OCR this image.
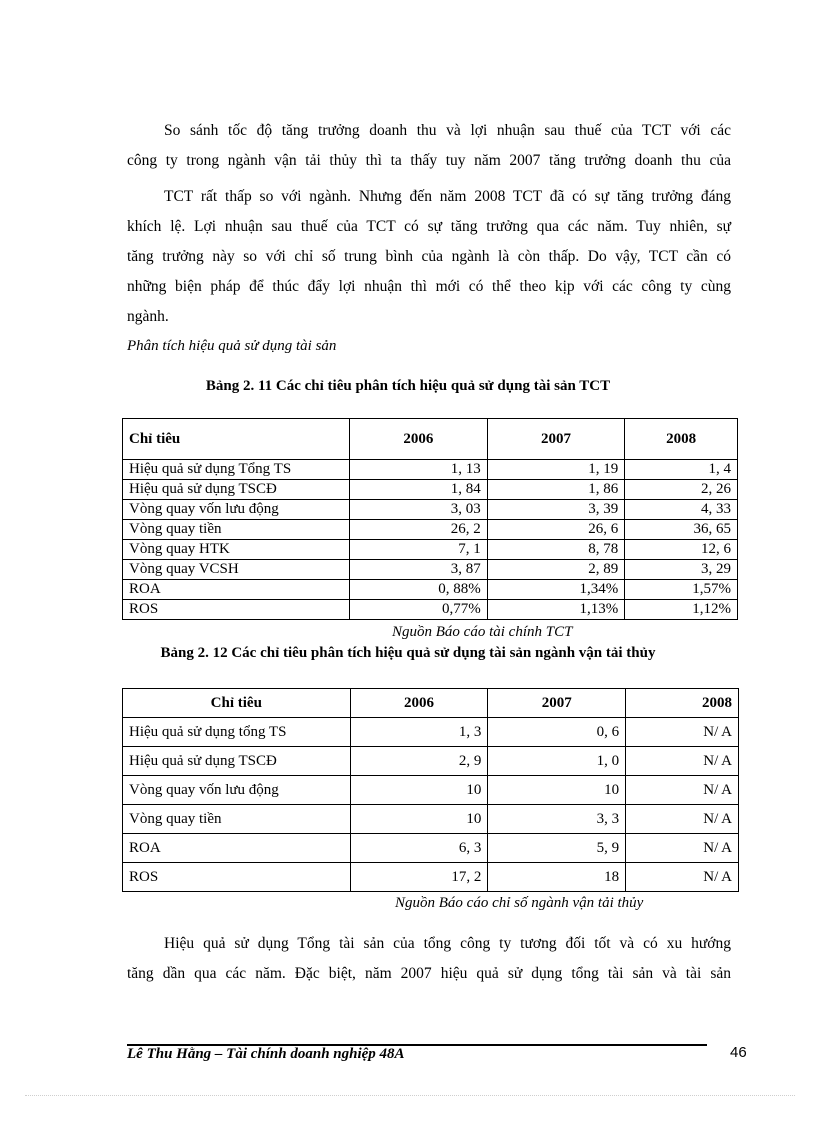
So sánh tốc độ tăng trưởng doanh thu và lợi nhuận sau thuế của TCT với các
công ty trong ngành vận tải thủy thì ta thấy tuy năm 2007 tăng trưởng doanh thu của
TCT rất thấp so với ngành. Nhưng đến năm 2008 TCT đã có sự tăng trưởng đáng
khích lệ. Lợi nhuận sau thuế của TCT có sự tăng trưởng qua các năm. Tuy nhiên, sự
tăng trưởng này so với chỉ số trung bình của ngành là còn thấp. Do vậy, TCT cần có
những biện pháp để thúc đẩy lợi nhuận thì mới có thể theo kịp với các công ty cùng
ngành.
Phân tích hiệu quả sử dụng tài sản
Bảng 2. 11 Các chỉ tiêu phân tích hiệu quả sử dụng tài sản TCT
Chỉ tiêu	2006	2007	2008
Hiệu quả sử dụng Tổng TS	1, 13	1, 19	1, 4
Hiệu quả sử dụng TSCĐ	1, 84	1, 86	2, 26
Vòng quay vốn lưu động	3, 03	3, 39	4, 33
Vòng quay tiền	26, 2	26, 6	36, 65
Vòng quay HTK	7, 1	8, 78	12, 6
Vòng quay VCSH	3, 87	2, 89	3, 29
ROA	0, 88%	1,34%	1,57%
ROS	0,77%	1,13%	1,12%
Nguồn Báo cáo tài chính TCT
Bảng 2. 12 Các chỉ tiêu phân tích hiệu quả sử dụng tài sản ngành vận tải thủy
Chỉ tiêu	2006	2007	2008
Hiệu quả sử dụng tổng TS	1, 3	0, 6	N/ A
Hiệu quả sử dụng TSCĐ	2, 9	1, 0	N/ A
Vòng quay vốn lưu động	10	10	N/ A
Vòng quay tiền	10	3, 3	N/ A
ROA	6, 3	5, 9	N/ A
ROS	17, 2	18	N/ A
Nguồn Báo cáo chỉ số ngành vận tải thủy
Hiệu quả sử dụng Tổng tài sản của tổng công ty tương đối tốt và có xu hướng
tăng dần qua các năm. Đặc biệt, năm 2007 hiệu quả sử dụng tổng tài sản và tài sản
Lê Thu Hằng – Tài chính doanh nghiệp 48A	46
